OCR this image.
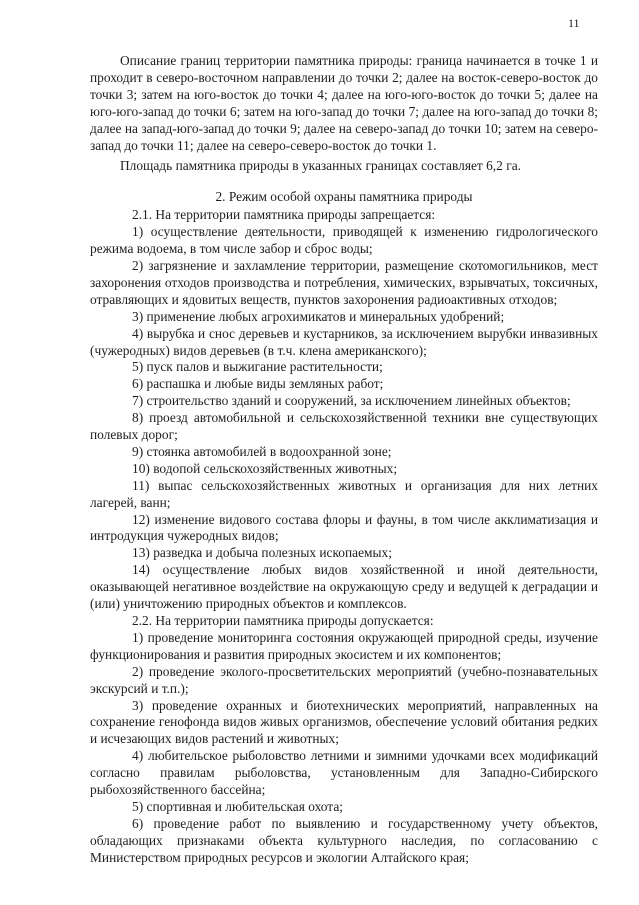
11

Описание границ территории памятника природы: граница начинается в точке 1 и проходит в северо-восточном направлении до точки 2; далее на восток-северо-восток до точки 3; затем на юго-восток до точки 4; далее на юго-юго-восток до точки 5; далее на юго-юго-запад до точки 6; затем на юго-запад до точки 7; далее на юго-запад до точки 8; далее на запад-юго-запад до точки 9; далее на северо-запад до точки 10; затем на северо-запад до точки 11; далее на северо-северо-восток до точки 1.

Площадь памятника природы в указанных границах составляет 6,2 га.

2. Режим особой охраны памятника природы

2.1. На территории памятника природы запрещается:

1) осуществление деятельности, приводящей к изменению гидрологического режима водоема, в том числе забор и сброс воды;

2) загрязнение и захламление территории, размещение скотомогильников, мест захоронения отходов производства и потребления, химических, взрывчатых, токсичных, отравляющих и ядовитых веществ, пунктов захоронения радиоактивных отходов;

3) применение любых агрохимикатов и минеральных удобрений;

4) вырубка и снос деревьев и кустарников, за исключением вырубки инвазивных (чужеродных) видов деревьев (в т.ч. клена американского);

5) пуск палов и выжигание растительности;

6) распашка и любые виды земляных работ;

7) строительство зданий и сооружений, за исключением линейных объектов;

8) проезд автомобильной и сельскохозяйственной техники вне существующих полевых дорог;

9) стоянка автомобилей в водоохранной зоне;

10) водопой сельскохозяйственных животных;

11) выпас сельскохозяйственных животных и организация для них летних лагерей, ванн;

12) изменение видового состава флоры и фауны, в том числе акклиматизация и интродукция чужеродных видов;

13) разведка и добыча полезных ископаемых;

14) осуществление любых видов хозяйственной и иной деятельности, оказывающей негативное воздействие на окружающую среду и ведущей к деградации и (или) уничтожению природных объектов и комплексов.

2.2. На территории памятника природы допускается:

1) проведение мониторинга состояния окружающей природной среды, изучение функционирования и развития природных экосистем и их компонентов;

2) проведение эколого-просветительских мероприятий (учебно-познавательных экскурсий и т.п.);

3) проведение охранных и биотехнических мероприятий, направленных на сохранение генофонда видов живых организмов, обеспечение условий обитания редких и исчезающих видов растений и животных;

4) любительское рыболовство летними и зимними удочками всех модификаций согласно правилам рыболовства, установленным для Западно-Сибирского рыбохозяйственного бассейна;

5) спортивная и любительская охота;

6) проведение работ по выявлению и государственному учету объектов, обладающих признаками объекта культурного наследия, по согласованию с Министерством природных ресурсов и экологии Алтайского края;
